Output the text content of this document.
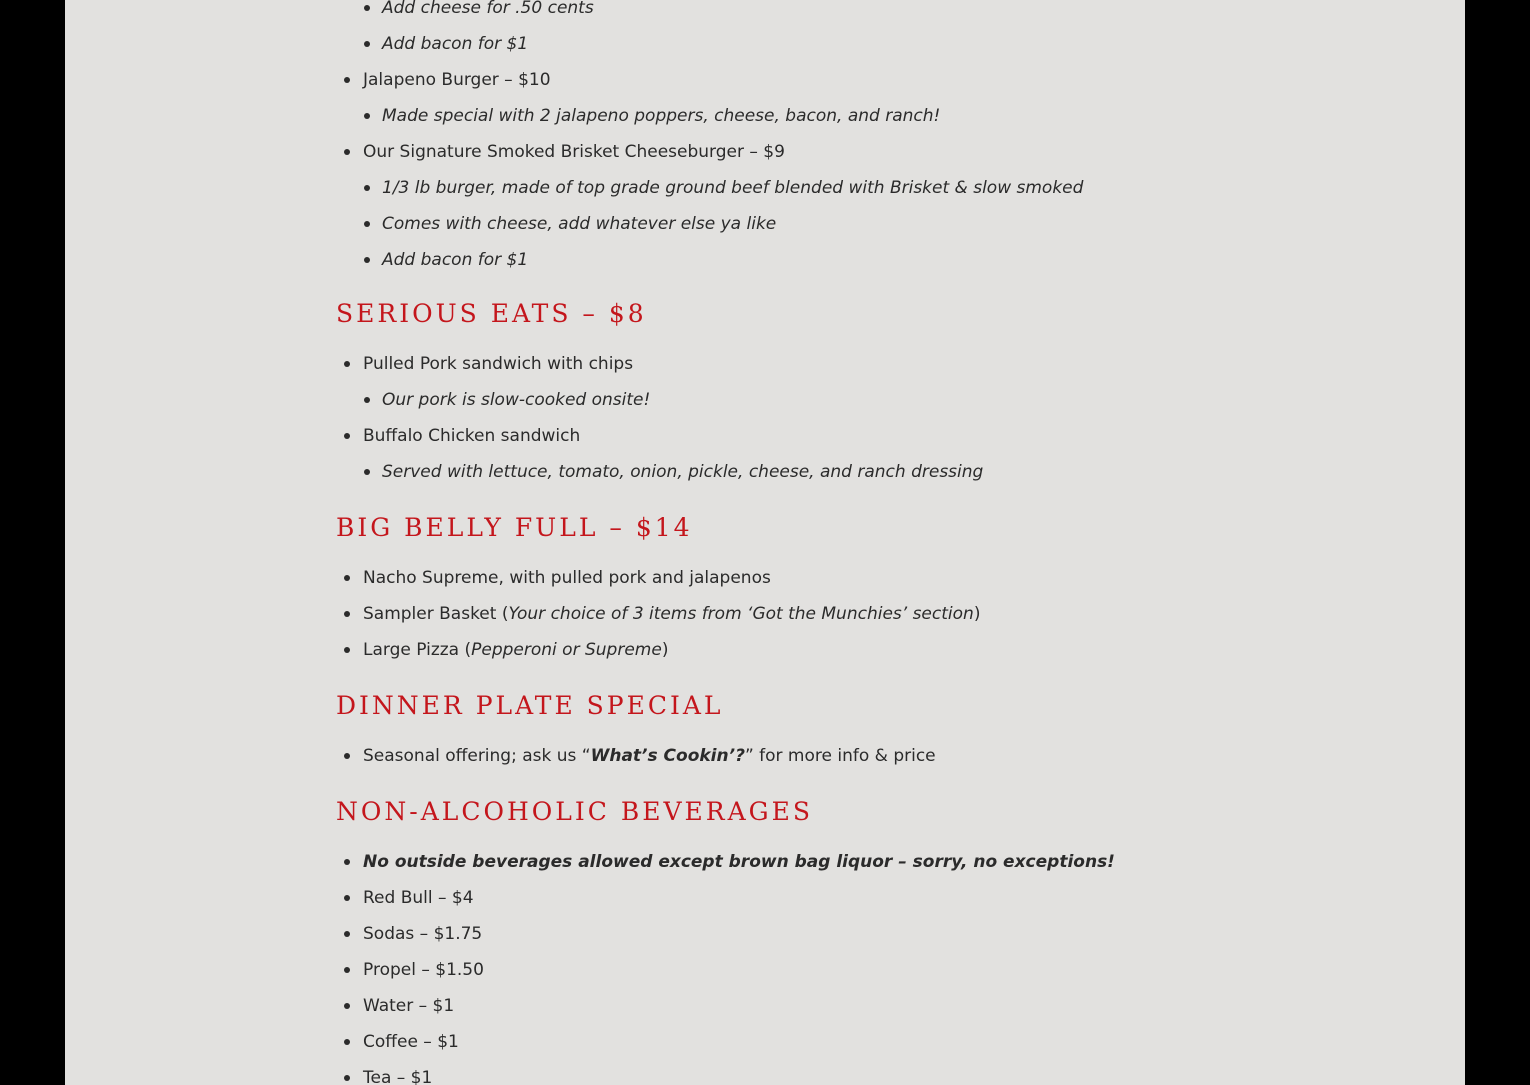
Add cheese for .50 cents
Add bacon for $1
Jalapeno Burger – $10
Made special with 2 jalapeno poppers, cheese, bacon, and ranch!
Our Signature Smoked Brisket Cheeseburger – $9
1/3 lb burger, made of top grade ground beef blended with Brisket & slow smoked
Comes with cheese, add whatever else ya like
Add bacon for $1
SERIOUS EATS – $8
Pulled Pork sandwich with chips
Our pork is slow-cooked onsite!
Buffalo Chicken sandwich
Served with lettuce, tomato, onion, pickle, cheese, and ranch dressing
BIG BELLY FULL – $14
Nacho Supreme, with pulled pork and jalapenos
Sampler Basket (Your choice of 3 items from ‘Got the Munchies’ section)
Large Pizza (Pepperoni or Supreme)
DINNER PLATE SPECIAL
Seasonal offering; ask us “What’s Cookin’?” for more info & price
NON-ALCOHOLIC BEVERAGES
No outside beverages allowed except brown bag liquor – sorry, no exceptions!
Red Bull – $4
Sodas – $1.75
Propel – $1.50
Water – $1
Coffee – $1
Tea – $1
